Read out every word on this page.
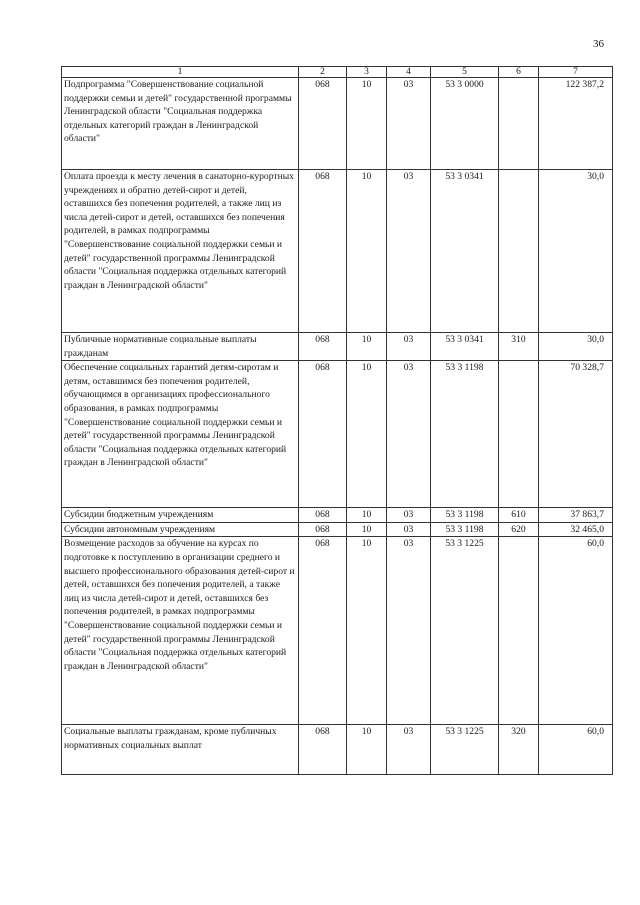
36
1	2	3	4	5	6	7
Подпрограмма "Совершенствование социальной поддержки семьи и детей" государственной программы Ленинградской области "Социальная поддержка отдельных категорий граждан в Ленинградской области"	068	10	03	53 3 0000		122 387,2
Оплата проезда к месту лечения в санаторно-курортных учреждениях и обратно детей-сирот и детей, оставшихся без попечения родителей, а также лиц из числа детей-сирот и детей, оставшихся без попечения родителей, в рамках подпрограммы "Совершенствование социальной поддержки семьи и детей" государственной программы Ленинградской области "Социальная поддержка отдельных категорий граждан в Ленинградской области"	068	10	03	53 3 0341		30,0
Публичные нормативные социальные выплаты гражданам	068	10	03	53 3 0341	310	30,0
Обеспечение социальных гарантий детям-сиротам и детям, оставшимся без попечения родителей, обучающимся в организациях профессионального образования, в рамках подпрограммы "Совершенствование социальной поддержки семьи и детей" государственной программы Ленинградской области "Социальная поддержка отдельных категорий граждан в Ленинградской области"	068	10	03	53 3 1198		70 328,7
Субсидии бюджетным учреждениям	068	10	03	53 3 1198	610	37 863,7
Субсидии автономным учреждениям	068	10	03	53 3 1198	620	32 465,0
Возмещение расходов за обучение на курсах по подготовке к поступлению в организации среднего и высшего профессионального образования детей-сирот и детей, оставшихся без попечения родителей, а также лиц из числа детей-сирот и детей, оставшихся без попечения родителей, в рамках подпрограммы "Совершенствование социальной поддержки семьи и детей" государственной программы Ленинградской области "Социальная поддержка отдельных категорий граждан в Ленинградской области"	068	10	03	53 3 1225		60,0
Социальные выплаты гражданам, кроме публичных нормативных социальных выплат	068	10	03	53 3 1225	320	60,0
